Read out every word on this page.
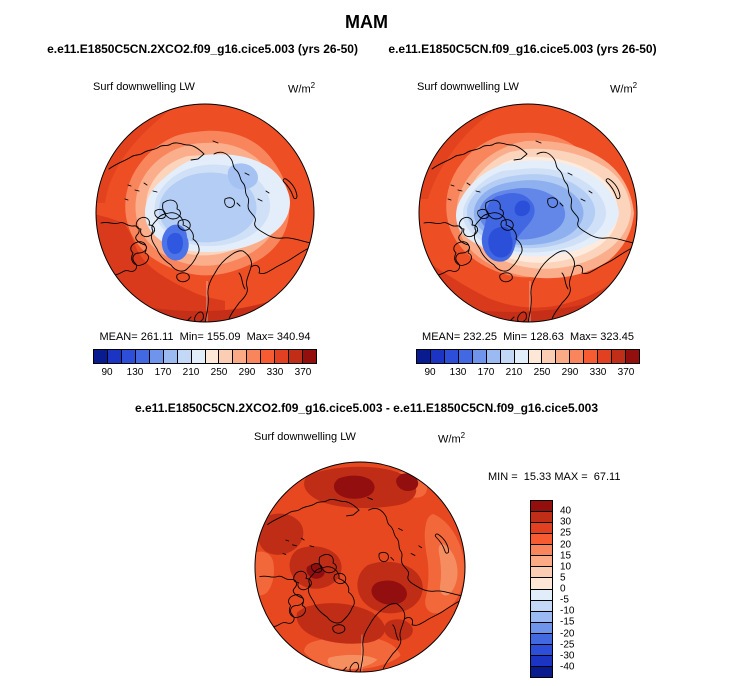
MAM
e.e11.E1850C5CN.2XCO2.f09_g16.cice5.003 (yrs 26-50)	e.e11.E1850C5CN.f09_g16.cice5.003 (yrs 26-50)
Surf downwelling LW	$W/m^2$	Surf downwelling LW	$W/m^2$
MEAN= 261.11  Min= 155.09  Max= 340.94	MEAN= 232.25  Min= 128.63  Max= 323.45
90	130	170	210	250	290	330	370	90	130	170	210	250	290	330	370
e.e11.E1850C5CN.2XCO2.f09_g16.cice5.003 - e.e11.E1850C5CN.f09_g16.cice5.003
Surf downwelling LW	$W/m^2$
MIN =  15.33 MAX =  67.11
40
30
25
20
15
10
5
0
-5
-10
-15
-20
-25
-30
-40
